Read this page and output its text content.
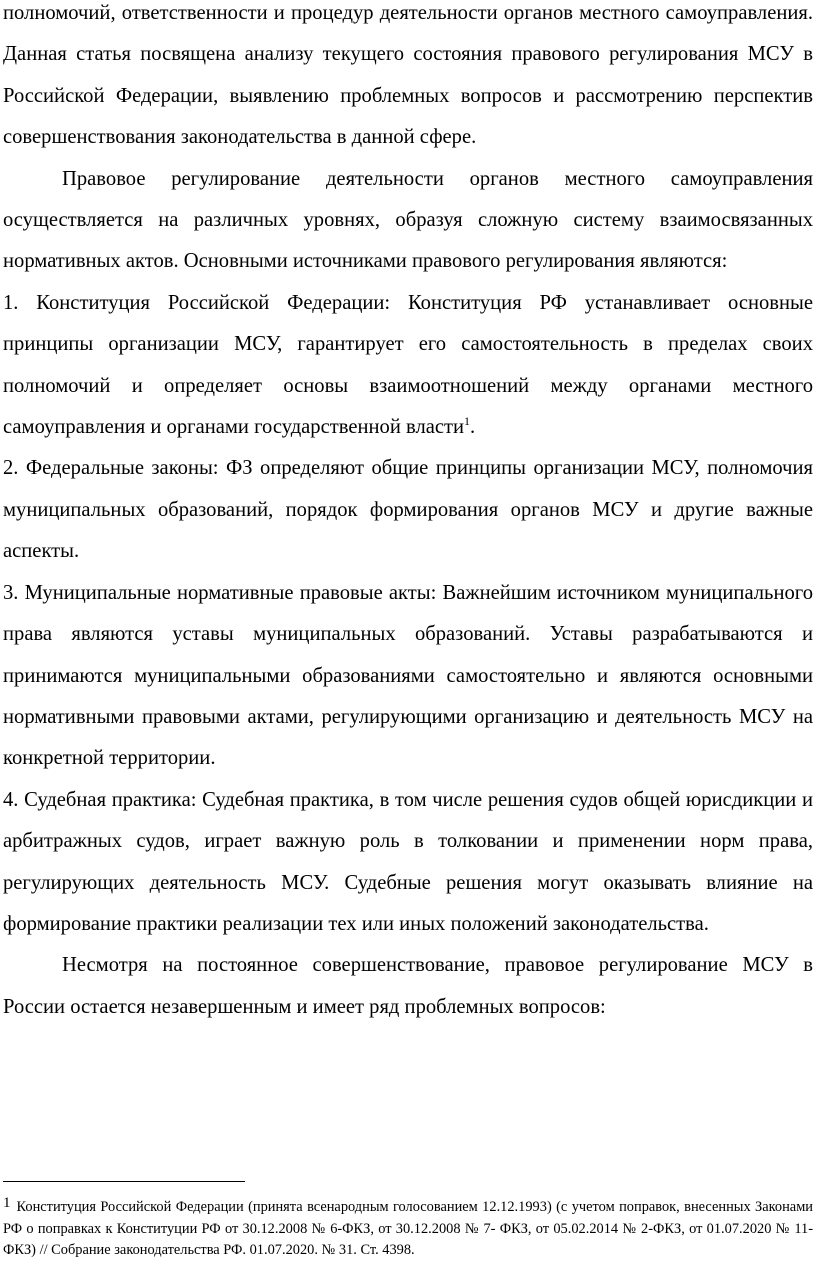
полномочий, ответственности и процедур деятельности органов местного самоуправления. Данная статья посвящена анализу текущего состояния правового регулирования МСУ в Российской Федерации, выявлению проблемных вопросов и рассмотрению перспектив совершенствования законодательства в данной сфере.

Правовое регулирование деятельности органов местного самоуправления осуществляется на различных уровнях, образуя сложную систему взаимосвязанных нормативных актов. Основными источниками правового регулирования являются:

1. Конституция Российской Федерации: Конституция РФ устанавливает основные принципы организации МСУ, гарантирует его самостоятельность в пределах своих полномочий и определяет основы взаимоотношений между органами местного самоуправления и органами государственной власти$^1$.

2. Федеральные законы: ФЗ определяют общие принципы организации МСУ, полномочия муниципальных образований, порядок формирования органов МСУ и другие важные аспекты.

3. Муниципальные нормативные правовые акты: Важнейшим источником муниципального права являются уставы муниципальных образований. Уставы разрабатываются и принимаются муниципальными образованиями самостоятельно и являются основными нормативными правовыми актами, регулирующими организацию и деятельность МСУ на конкретной территории.

4. Судебная практика: Судебная практика, в том числе решения судов общей юрисдикции и арбитражных судов, играет важную роль в толковании и применении норм права, регулирующих деятельность МСУ. Судебные решения могут оказывать влияние на формирование практики реализации тех или иных положений законодательства.

Несмотря на постоянное совершенствование, правовое регулирование МСУ в России остается незавершенным и имеет ряд проблемных вопросов:

1 Конституция Российской Федерации (принята всенародным голосованием 12.12.1993) (с учетом поправок, внесенных Законами РФ о поправках к Конституции РФ от 30.12.2008 № 6-ФКЗ, от 30.12.2008 № 7- ФКЗ, от 05.02.2014 № 2-ФКЗ, от 01.07.2020 № 11-ФКЗ) // Собрание законодательства РФ. 01.07.2020. № 31. Ст. 4398.
